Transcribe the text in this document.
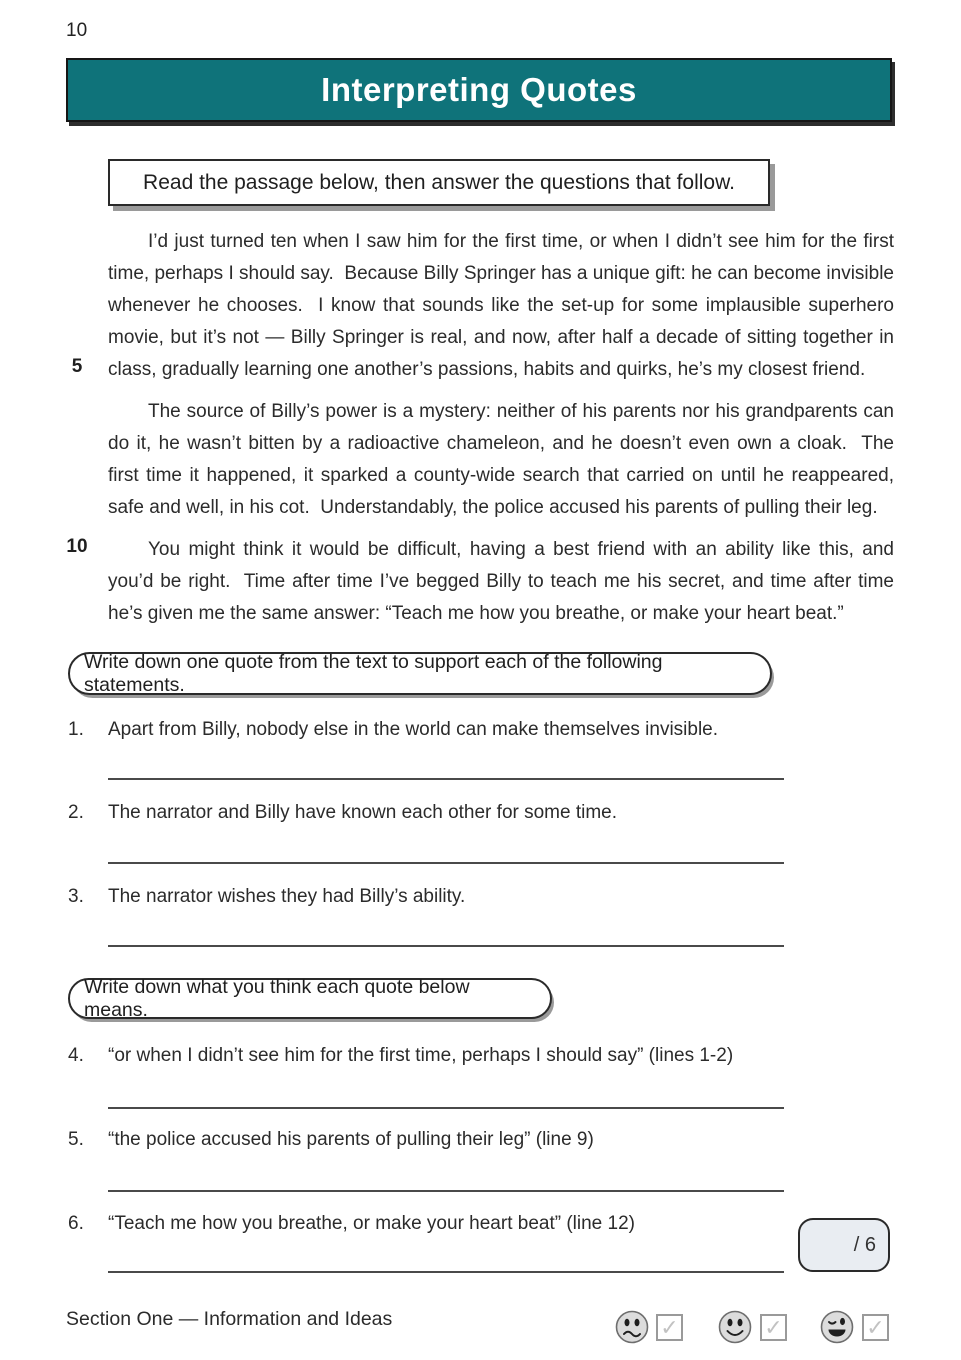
10
Interpreting Quotes
Read the passage below, then answer the questions that follow.
5
10

I’d just turned ten when I saw him for the first time, or when I didn’t see him for the first time, perhaps I should say.  Because Billy Springer has a unique gift: he can become invisible whenever he chooses.  I know that sounds like the set-up for some implausible superhero movie, but it’s not — Billy Springer is real, and now, after half a decade of sitting together in class, gradually learning one another’s passions, habits and quirks, he’s my closest friend.

The source of Billy’s power is a mystery: neither of his parents nor his grandparents can do it, he wasn’t bitten by a radioactive chameleon, and he doesn’t even own a cloak.  The first time it happened, it sparked a county-wide search that carried on until he reappeared, safe and well, in his cot.  Understandably, the police accused his parents of pulling their leg.

You might think it would be difficult, having a best friend with an ability like this, and you’d be right.  Time after time I’ve begged Billy to teach me his secret, and time after time he’s given me the same answer: “Teach me how you breathe, or make your heart beat.”

Write down one quote from the text to support each of the following statements.
1.	Apart from Billy, nobody else in the world can make themselves invisible.
2.	The narrator and Billy have known each other for some time.
3.	The narrator wishes they had Billy’s ability.
Write down what you think each quote below means.
4.	“or when I didn’t see him for the first time, perhaps I should say” (lines 1-2)
5.	“the police accused his parents of pulling their leg” (line 9)
6.	“Teach me how you breathe, or make your heart beat” (line 12)
/ 6
Section One — Information and Ideas	✓	✓	✓
